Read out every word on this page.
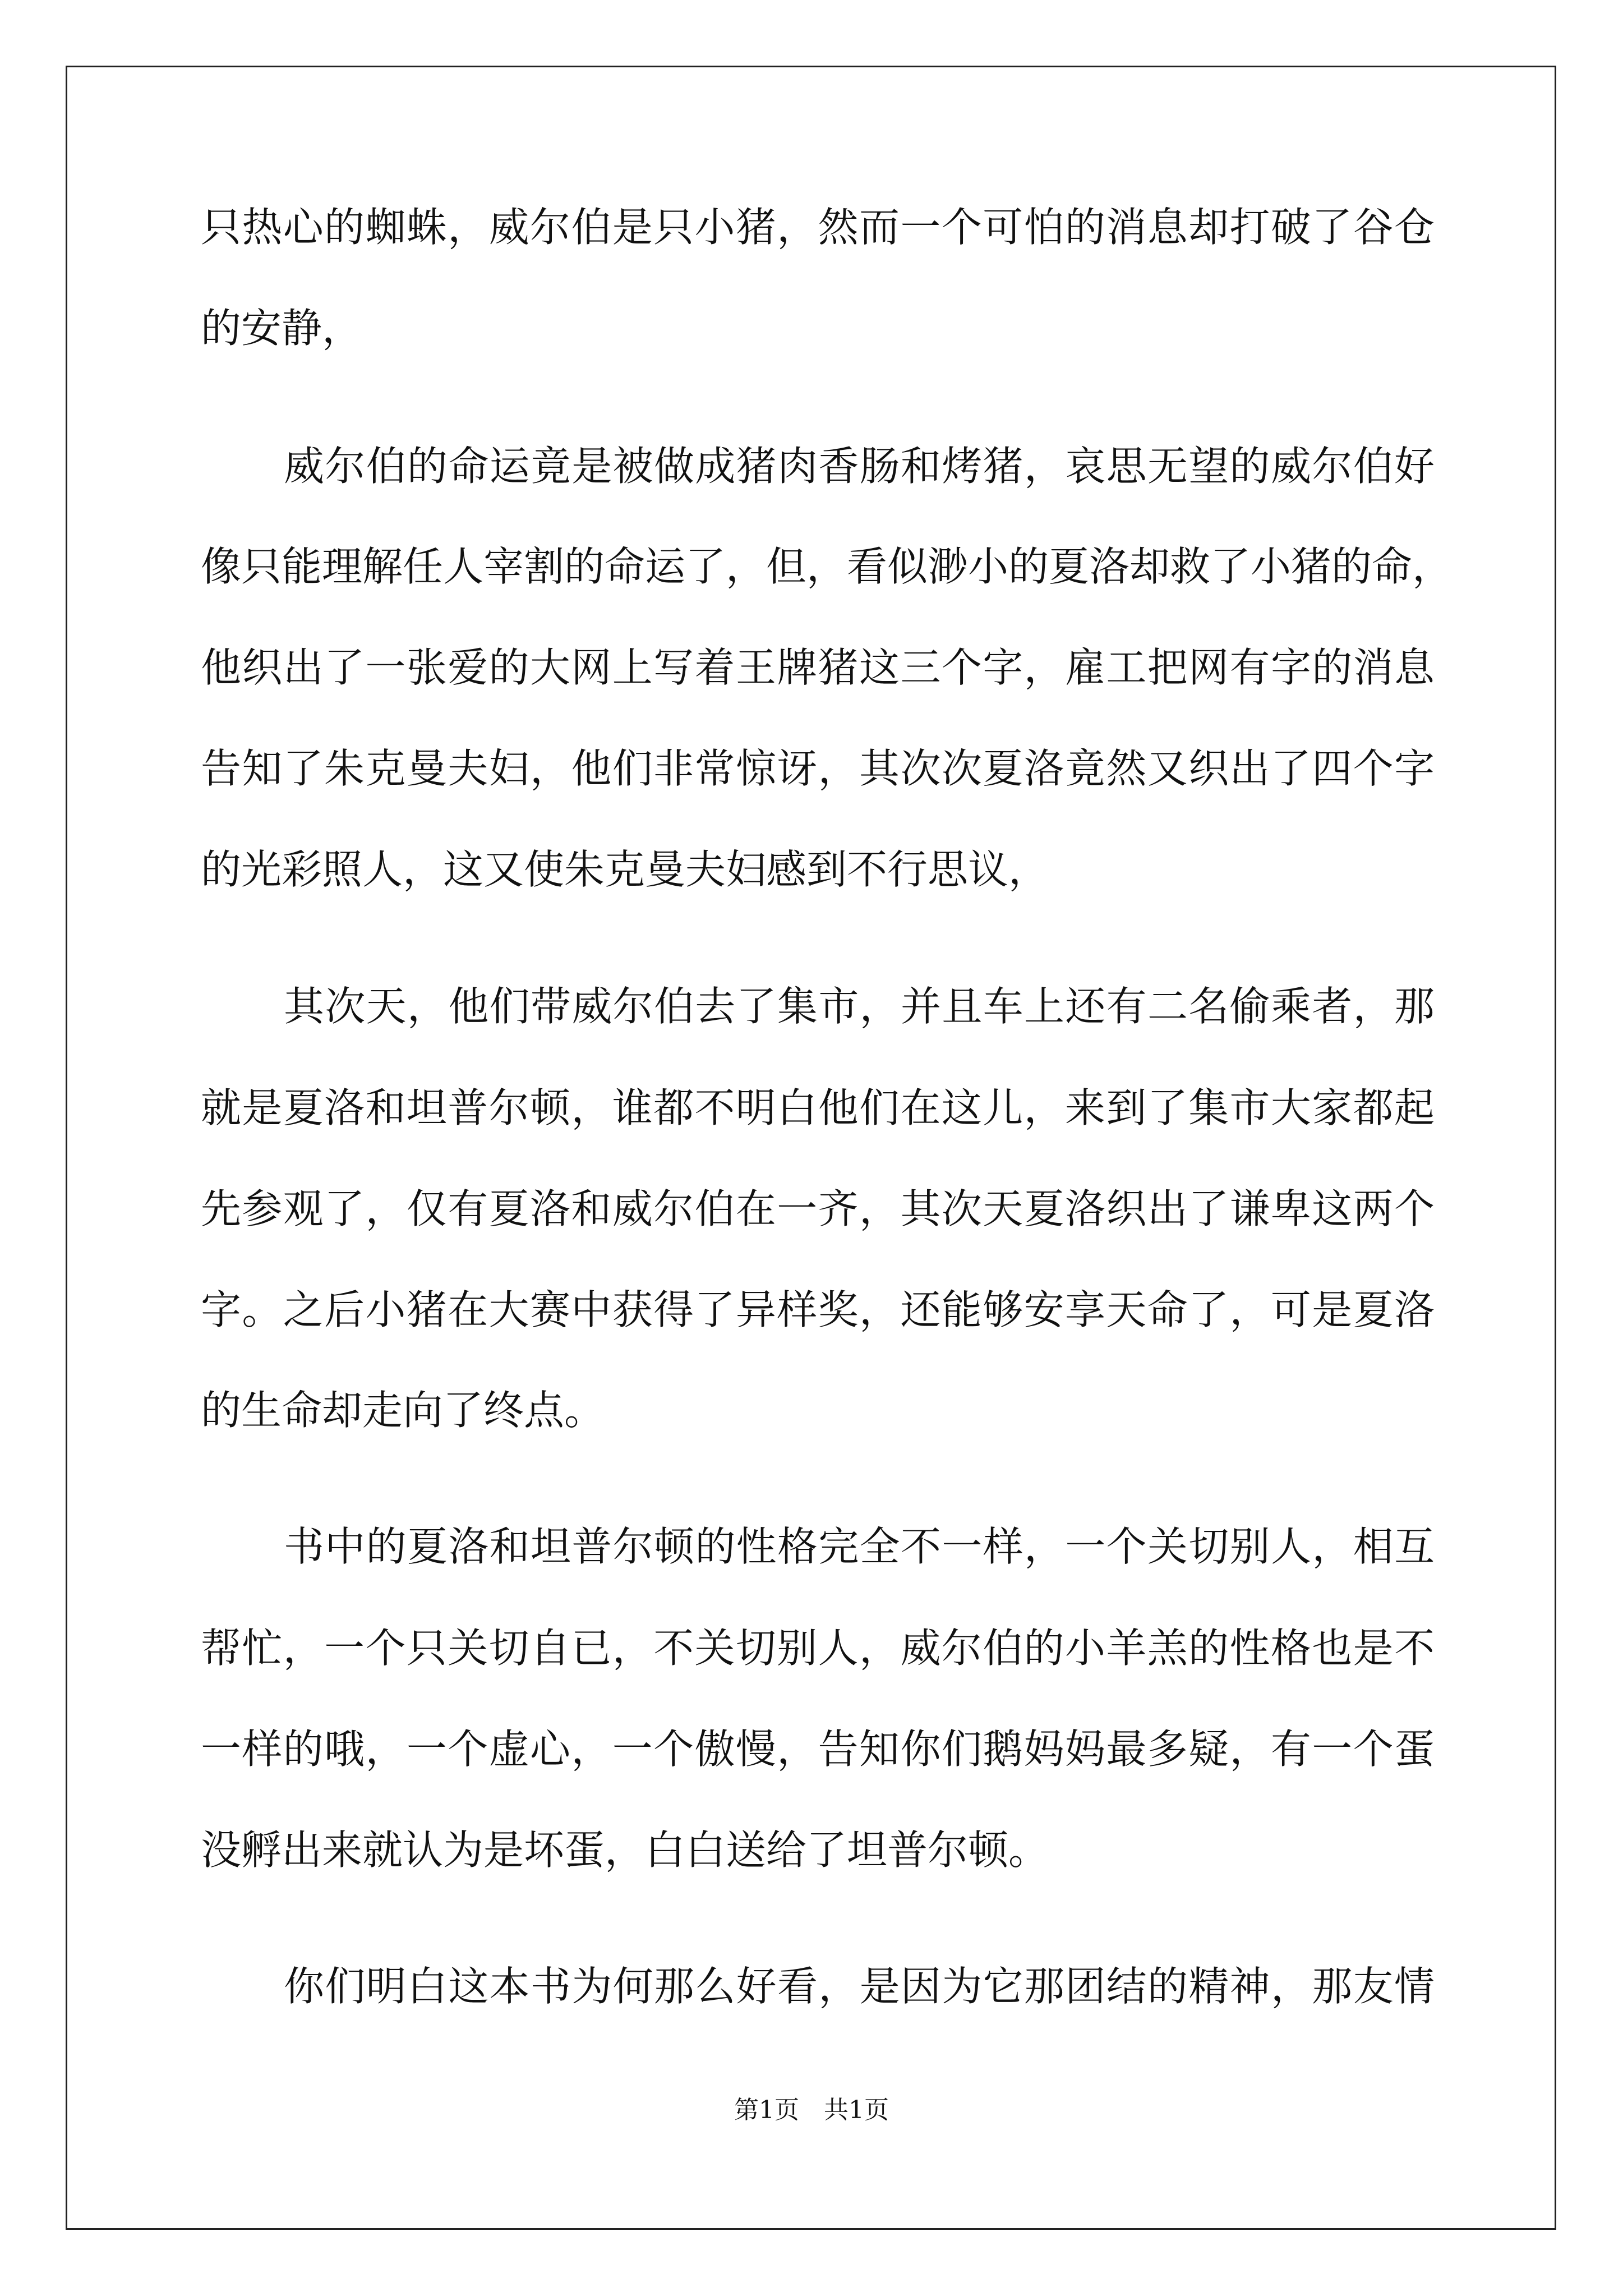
只热心的蜘蛛，威尔伯是只小猪，然而一个可怕的消息却打破了谷仓
的安静，
威尔伯的命运竟是被做成猪肉香肠和烤猪，哀思无望的威尔伯好
像只能理解任人宰割的命运了，但，看似渺小的夏洛却救了小猪的命，
他织出了一张爱的大网上写着王牌猪这三个字，雇工把网有字的消息
告知了朱克曼夫妇，他们非常惊讶，其次次夏洛竟然又织出了四个字
的光彩照人，这又使朱克曼夫妇感到不行思议，
其次天，他们带威尔伯去了集市，并且车上还有二名偷乘者，那
就是夏洛和坦普尔顿，谁都不明白他们在这儿，来到了集市大家都起
先参观了，仅有夏洛和威尔伯在一齐，其次天夏洛织出了谦卑这两个
字。之后小猪在大赛中获得了异样奖，还能够安享天命了，可是夏洛
的生命却走向了终点。
书中的夏洛和坦普尔顿的性格完全不一样，一个关切别人，相互
帮忙，一个只关切自已，不关切别人，威尔伯的小羊羔的性格也是不
一样的哦，一个虚心，一个傲慢，告知你们鹅妈妈最多疑，有一个蛋
没孵出来就认为是坏蛋，白白送给了坦普尔顿。
你们明白这本书为何那么好看，是因为它那团结的精神，那友情
第1页　共1页
